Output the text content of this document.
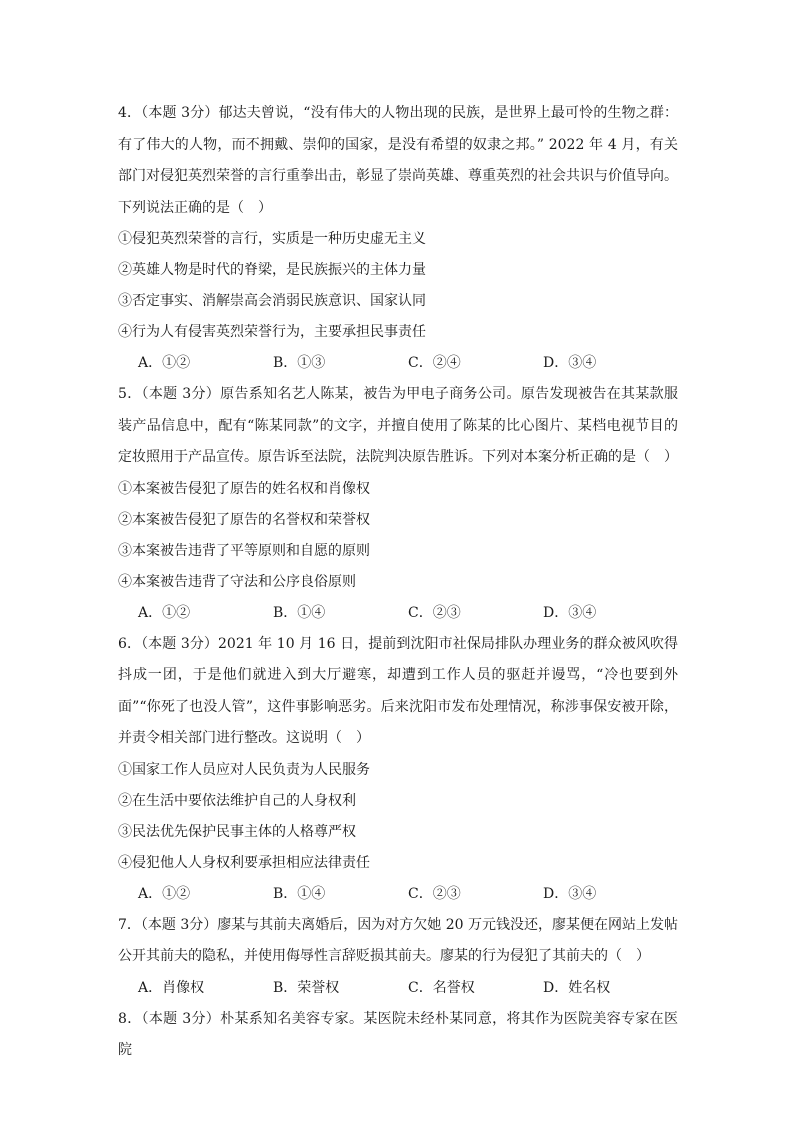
4．（本题 3分）郁达夫曾说，“没有伟大的人物出现的民族，是世界上最可怜的生物之群：有了伟大的人物，而不拥戴、崇仰的国家，是没有希望的奴隶之邦。” 2022 年 4 月，有关部门对侵犯英烈荣誉的言行重拳出击，彰显了崇尚英雄、尊重英烈的社会共识与价值导向。下列说法正确的是（　）

①侵犯英烈荣誉的言行，实质是一种历史虚无主义

②英雄人物是时代的脊梁，是民族振兴的主体力量

③否定事实、消解崇高会消弱民族意识、国家认同

④行为人有侵害英烈荣誉行为，主要承担民事责任

A．①②	B．①③	C．②④	D．③④

5．（本题 3分）原告系知名艺人陈某，被告为甲电子商务公司。原告发现被告在其某款服装产品信息中，配有“陈某同款”的文字，并擅自使用了陈某的比心图片、某档电视节目的定妆照用于产品宣传。原告诉至法院，法院判决原告胜诉。下列对本案分析正确的是（　）

①本案被告侵犯了原告的姓名权和肖像权

②本案被告侵犯了原告的名誉权和荣誉权

③本案被告违背了平等原则和自愿的原则

④本案被告违背了守法和公序良俗原则

A．①②	B．①④	C．②③	D．③④

6．（本题 3分）2021 年 10 月 16 日，提前到沈阳市社保局排队办理业务的群众被风吹得抖成一团，于是他们就进入到大厅避寒，却遭到工作人员的驱赶并谩骂，“冷也要到外面”“你死了也没人管”，这件事影响恶劣。后来沈阳市发布处理情况，称涉事保安被开除，并责令相关部门进行整改。这说明（　）

①国家工作人员应对人民负责为人民服务

②在生活中要依法维护自己的人身权利

③民法优先保护民事主体的人格尊严权

④侵犯他人人身权利要承担相应法律责任

A．①②	B．①④	C．②③	D．③④

7．（本题 3分）廖某与其前夫离婚后，因为对方欠她 20 万元钱没还，廖某便在网站上发帖公开其前夫的隐私，并使用侮辱性言辞贬损其前夫。廖某的行为侵犯了其前夫的（　）

A．肖像权	B．荣誉权	C．名誉权	D．姓名权

8．（本题 3分）朴某系知名美容专家。某医院未经朴某同意，将其作为医院美容专家在医院
